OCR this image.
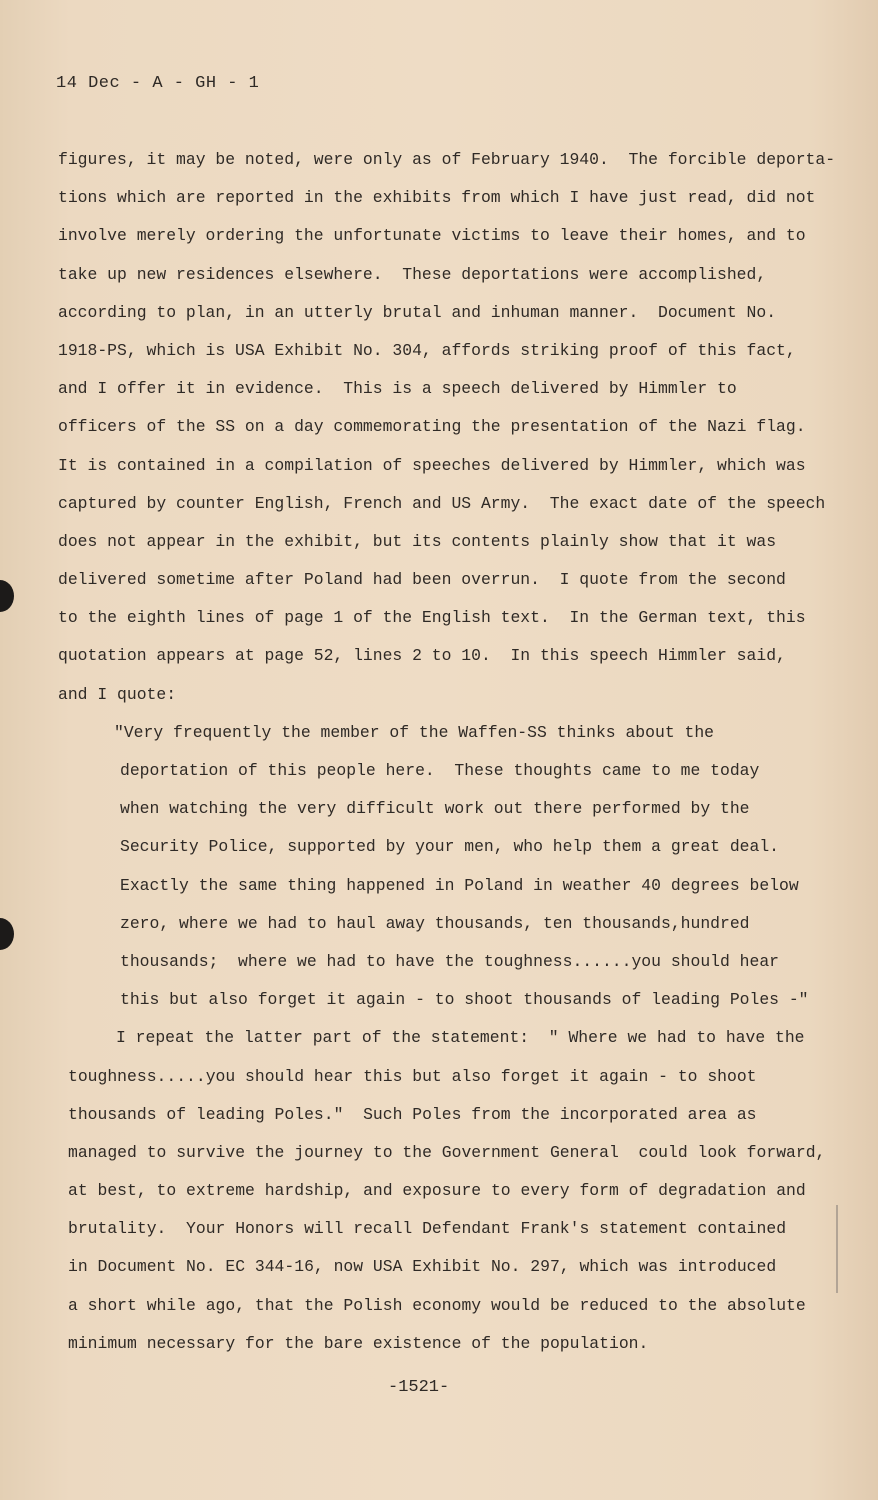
14 Dec - A - GH - 1
figures, it may be noted, were only as of February 1940.  The forcible deporta-
tions which are reported in the exhibits from which I have just read, did not
involve merely ordering the unfortunate victims to leave their homes, and to
take up new residences elsewhere.  These deportations were accomplished,
according to plan, in an utterly brutal and inhuman manner.  Document No.
1918-PS, which is USA Exhibit No. 304, affords striking proof of this fact,
and I offer it in evidence.  This is a speech delivered by Himmler to
officers of the SS on a day commemorating the presentation of the Nazi flag.
It is contained in a compilation of speeches delivered by Himmler, which was
captured by counter English, French and US Army.  The exact date of the speech
does not appear in the exhibit, but its contents plainly show that it was
delivered sometime after Poland had been overrun.  I quote from the second
to the eighth lines of page 1 of the English text.  In the German text, this
quotation appears at page 52, lines 2 to 10.  In this speech Himmler said,
and I quote:
"Very frequently the member of the Waffen-SS thinks about the
deportation of this people here.  These thoughts came to me today
when watching the very difficult work out there performed by the
Security Police, supported by your men, who help them a great deal.
Exactly the same thing happened in Poland in weather 40 degrees below
zero, where we had to haul away thousands, ten thousands,hundred
thousands;  where we had to have the toughness......you should hear
this but also forget it again - to shoot thousands of leading Poles -"
I repeat the latter part of the statement:  " Where we had to have the
toughness.....you should hear this but also forget it again - to shoot
thousands of leading Poles."  Such Poles from the incorporated area as
managed to survive the journey to the Government General  could look forward,
at best, to extreme hardship, and exposure to every form of degradation and
brutality.  Your Honors will recall Defendant Frank's statement contained
in Document No. EC 344-16, now USA Exhibit No. 297, which was introduced
a short while ago, that the Polish economy would be reduced to the absolute
minimum necessary for the bare existence of the population.
-1521-
